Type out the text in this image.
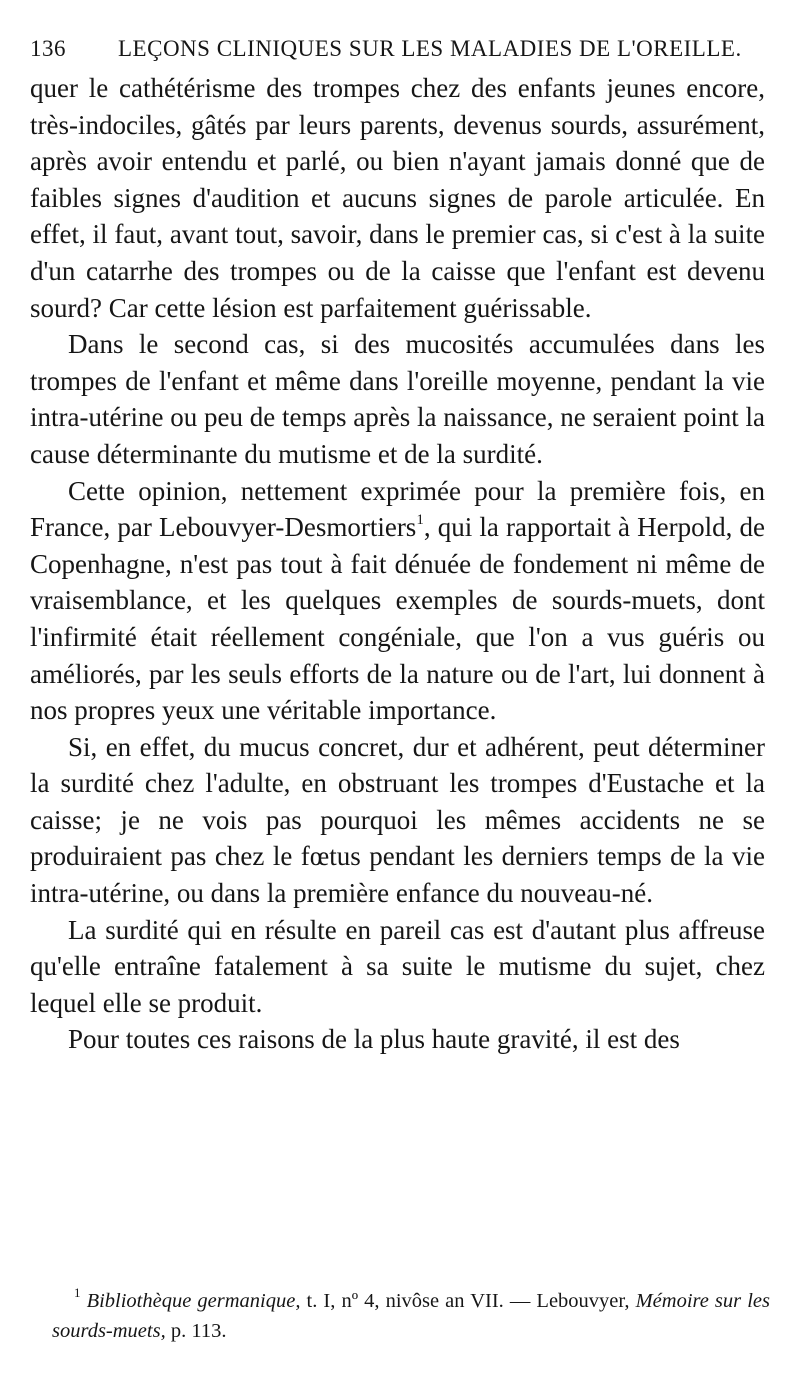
136 LEÇONS CLINIQUES SUR LES MALADIES DE L'OREILLE.

quer le cathétérisme des trompes chez des enfants jeunes encore, très-indociles, gâtés par leurs parents, devenus sourds, assurément, après avoir entendu et parlé, ou bien n'ayant jamais donné que de faibles signes d'audition et aucuns signes de parole articulée. En effet, il faut, avant tout, savoir, dans le premier cas, si c'est à la suite d'un catarrhe des trompes ou de la caisse que l'enfant est devenu sourd? Car cette lésion est parfaitement guérissable.

Dans le second cas, si des mucosités accumulées dans les trompes de l'enfant et même dans l'oreille moyenne, pendant la vie intra-utérine ou peu de temps après la naissance, ne seraient point la cause déterminante du mutisme et de la surdité.

Cette opinion, nettement exprimée pour la première fois, en France, par Lebouvyer-Desmortiers$^1$, qui la rapportait à Herpold, de Copenhagne, n'est pas tout à fait dénuée de fondement ni même de vraisemblance, et les quelques exemples de sourds-muets, dont l'infirmité était réellement congéniale, que l'on a vus guéris ou améliorés, par les seuls efforts de la nature ou de l'art, lui donnent à nos propres yeux une véritable importance.

Si, en effet, du mucus concret, dur et adhérent, peut déterminer la surdité chez l'adulte, en obstruant les trompes d'Eustache et la caisse; je ne vois pas pourquoi les mêmes accidents ne se produiraient pas chez le fœtus pendant les derniers temps de la vie intra-utérine, ou dans la première enfance du nouveau-né.

La surdité qui en résulte en pareil cas est d'autant plus affreuse qu'elle entraîne fatalement à sa suite le mutisme du sujet, chez lequel elle se produit.

Pour toutes ces raisons de la plus haute gravité, il est des

$^1$ Bibliothèque germanique, t. I, nº 4, nivôse an VII. — Lebouvyer, Mémoire sur les sourds-muets, p. 113.
